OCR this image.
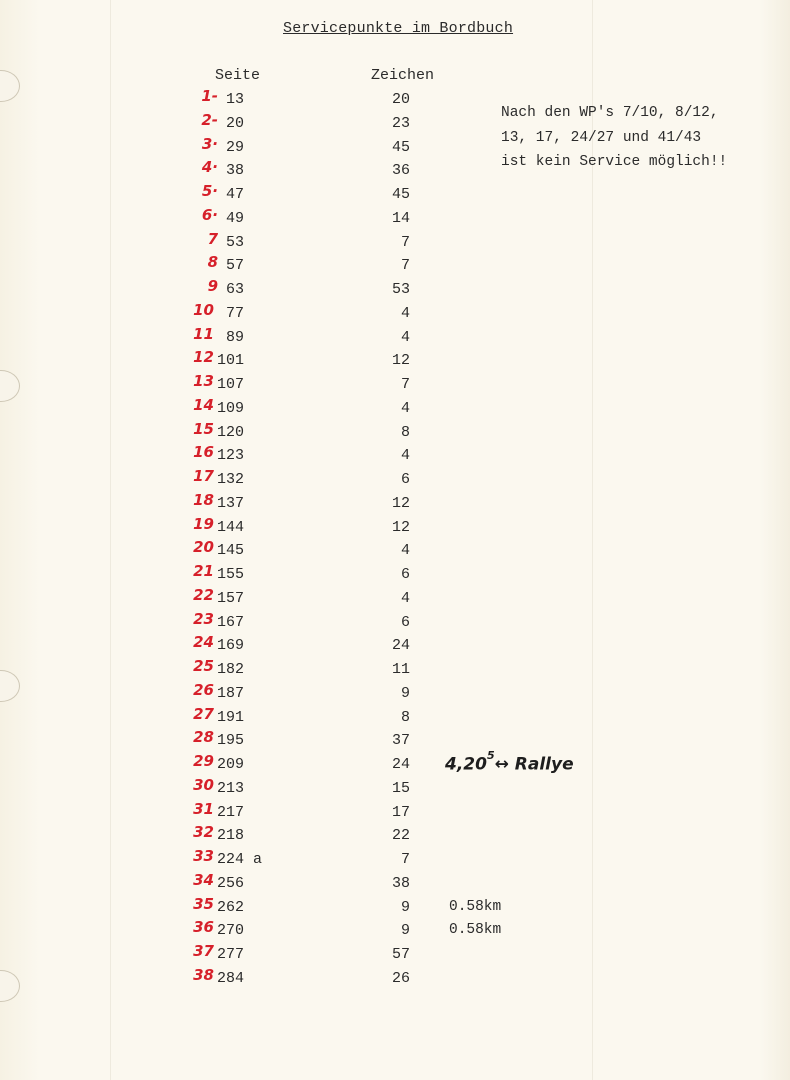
Servicepunkte im Bordbuch
Seite	Zeichen
Nach den WP's 7/10, 8/12,
13, 17, 24/27 und 41/43
ist kein Service möglich!!
1- 13	20
2- 20	23
3· 29	45
4· 38	36
5· 47	45
6· 49	14
7 53	7
8 57	7
9 63	53
10 77	4
11 89	4
12 101	12
13 107	7
14 109	4
15 120	8
16 123	4
17 132	6
18 137	12
19 144	12
20 145	4
21 155	6
22 157	4
23 167	6
24 169	24
25 182	11
26 187	9
27 191	8
28 195	37
29 209	24
30 213	15
31 217	17
32 218	22
33 224 a	7
34 256	38
35 262	9	0.58km
36 270	9	0.58km
37 277	57
38 284	26
4,20$^5$↔ Rallye
